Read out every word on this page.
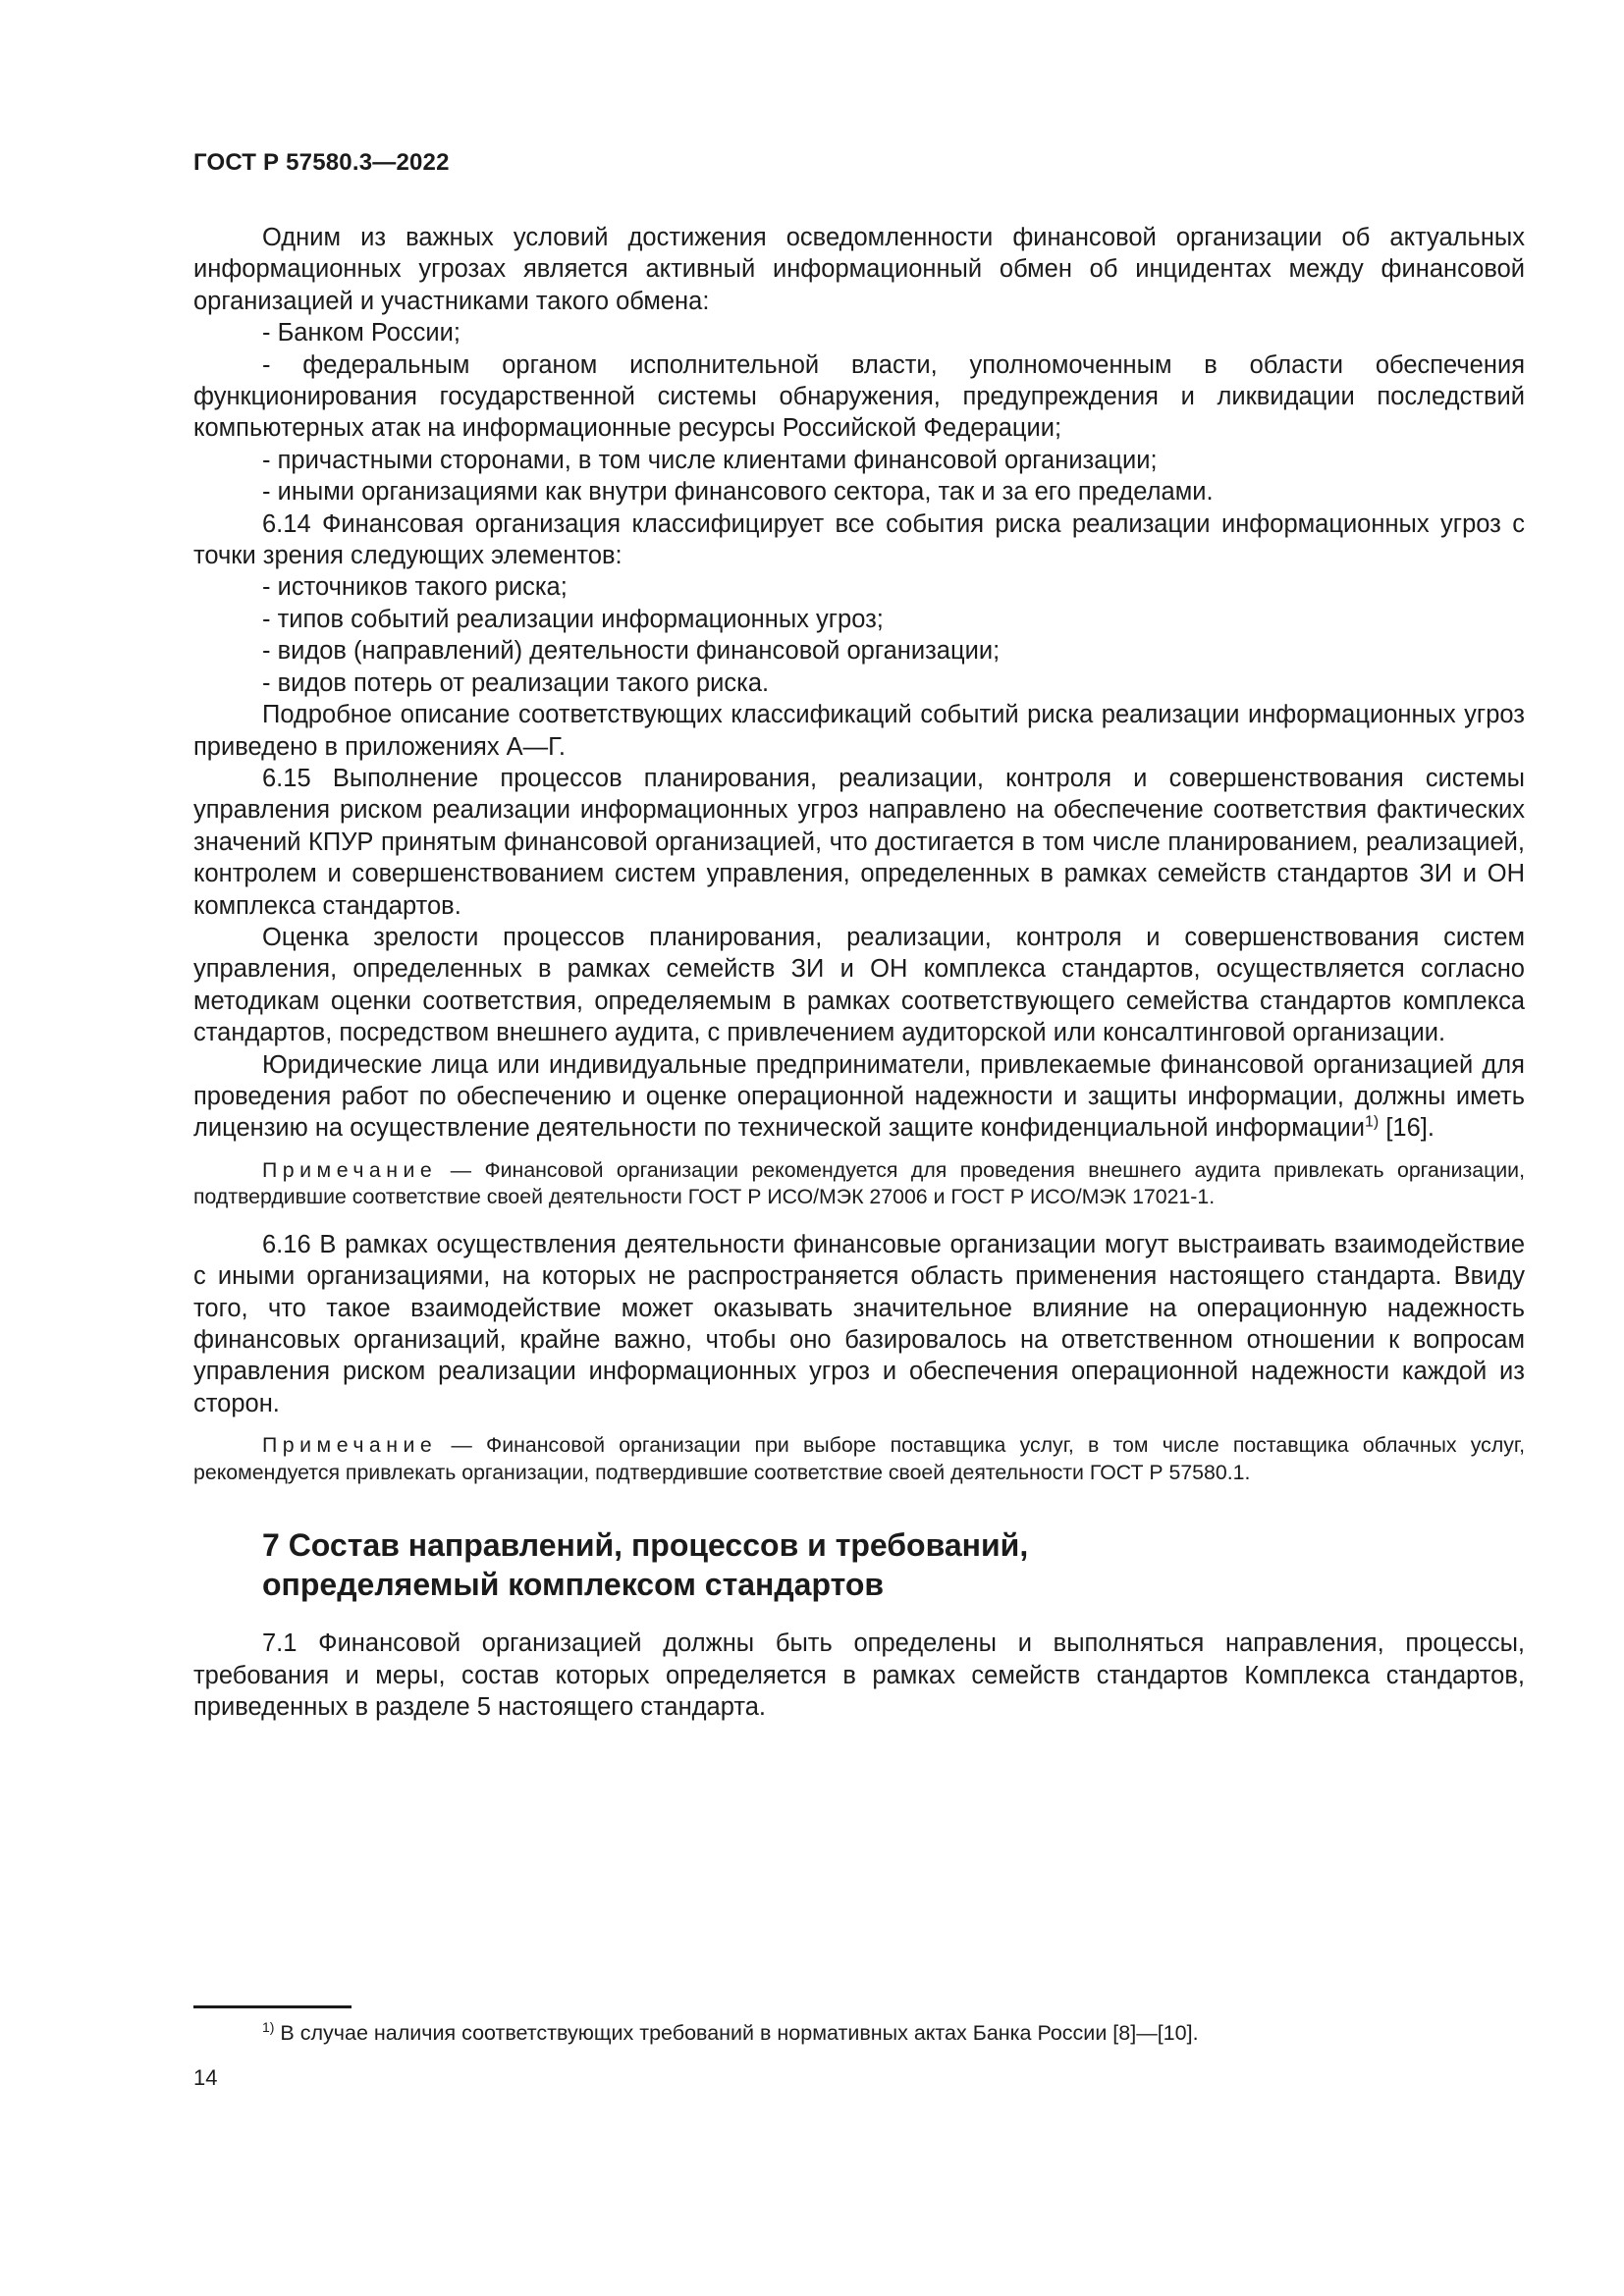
ГОСТ Р 57580.3—2022

Одним из важных условий достижения осведомленности финансовой организации об актуальных информационных угрозах является активный информационный обмен об инцидентах между финансовой организацией и участниками такого обмена:

- Банком России;

- федеральным органом исполнительной власти, уполномоченным в области обеспечения функционирования государственной системы обнаружения, предупреждения и ликвидации последствий компьютерных атак на информационные ресурсы Российской Федерации;

- причастными сторонами, в том числе клиентами финансовой организации;

- иными организациями как внутри финансового сектора, так и за его пределами.

6.14 Финансовая организация классифицирует все события риска реализации информационных угроз с точки зрения следующих элементов:

- источников такого риска;

- типов событий реализации информационных угроз;

- видов (направлений) деятельности финансовой организации;

- видов потерь от реализации такого риска.

Подробное описание соответствующих классификаций событий риска реализации информационных угроз приведено в приложениях А—Г.

6.15 Выполнение процессов планирования, реализации, контроля и совершенствования системы управления риском реализации информационных угроз направлено на обеспечение соответствия фактических значений КПУР принятым финансовой организацией, что достигается в том числе планированием, реализацией, контролем и совершенствованием систем управления, определенных в рамках семейств стандартов ЗИ и ОН комплекса стандартов.

Оценка зрелости процессов планирования, реализации, контроля и совершенствования систем управления, определенных в рамках семейств ЗИ и ОН комплекса стандартов, осуществляется согласно методикам оценки соответствия, определяемым в рамках соответствующего семейства стандартов комплекса стандартов, посредством внешнего аудита, с привлечением аудиторской или консалтинговой организации.

Юридические лица или индивидуальные предприниматели, привлекаемые финансовой организацией для проведения работ по обеспечению и оценке операционной надежности и защиты информации, должны иметь лицензию на осуществление деятельности по технической защите конфиденциальной информации$^{1)}$ [16].

Примечание — Финансовой организации рекомендуется для проведения внешнего аудита привлекать организации, подтвердившие соответствие своей деятельности ГОСТ Р ИСО/МЭК 27006 и ГОСТ Р ИСО/МЭК 17021-1.

6.16 В рамках осуществления деятельности финансовые организации могут выстраивать взаимодействие с иными организациями, на которых не распространяется область применения настоящего стандарта. Ввиду того, что такое взаимодействие может оказывать значительное влияние на операционную надежность финансовых организаций, крайне важно, чтобы оно базировалось на ответственном отношении к вопросам управления риском реализации информационных угроз и обеспечения операционной надежности каждой из сторон.

Примечание — Финансовой организации при выборе поставщика услуг, в том числе поставщика облачных услуг, рекомендуется привлекать организации, подтвердившие соответствие своей деятельности ГОСТ Р 57580.1.

7 Состав направлений, процессов и требований, определяемый комплексом стандартов

7.1 Финансовой организацией должны быть определены и выполняться направления, процессы, требования и меры, состав которых определяется в рамках семейств стандартов Комплекса стандартов, приведенных в разделе 5 настоящего стандарта.

$^{1)}$ В случае наличия соответствующих требований в нормативных актах Банка России [8]—[10].
14
